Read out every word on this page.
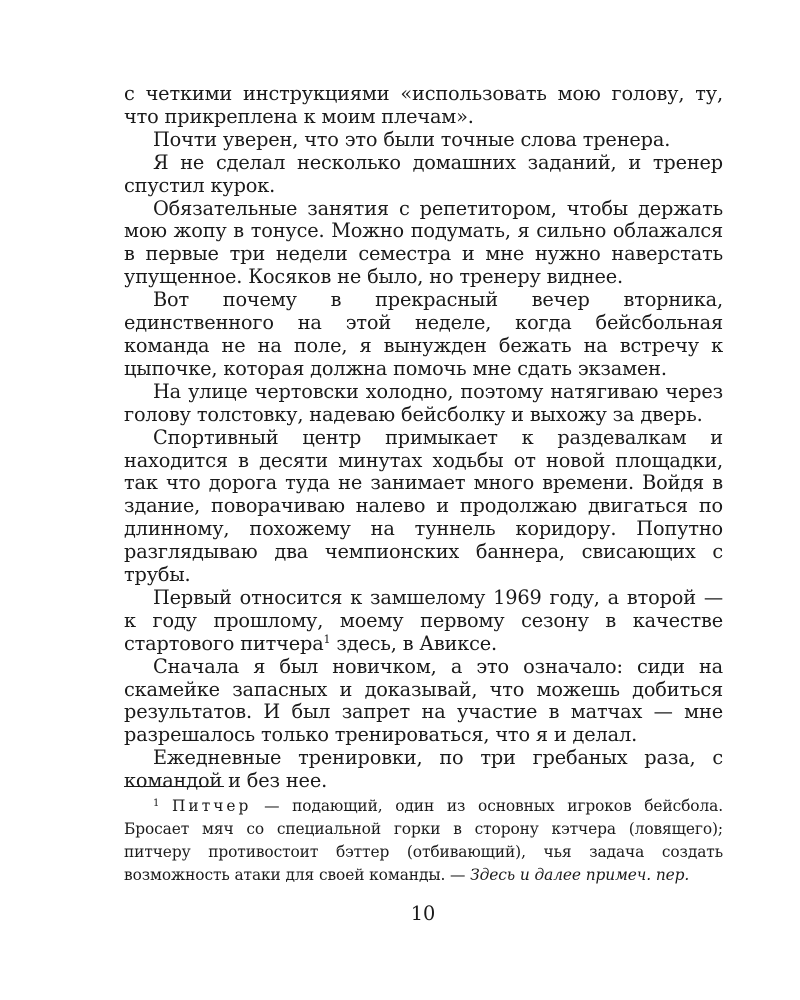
с четкими инструкциями «использовать мою голову, ту, что прикреплена к моим плечам».

Почти уверен, что это были точные слова тренера.

Я не сделал несколько домашних заданий, и тренер спустил курок.

Обязательные занятия с репетитором, чтобы держать мою жопу в тонусе. Можно подумать, я сильно облажался в первые три недели семестра и мне нужно наверстать упущенное. Косяков не было, но тренеру виднее.

Вот почему в прекрасный вечер вторника, единственного на этой неделе, когда бейсбольная команда не на поле, я вынужден бежать на встречу к цыпочке, которая должна помочь мне сдать экзамен.

На улице чертовски холодно, поэтому натягиваю через голову толстовку, надеваю бейсболку и выхожу за дверь.

Спортивный центр примыкает к раздевалкам и находится в десяти минутах ходьбы от новой площадки, так что дорога туда не занимает много времени. Войдя в здание, поворачиваю налево и продолжаю двигаться по длинному, похожему на туннель коридору. Попутно разглядываю два чемпионских баннера, свисающих с трубы.

Первый относится к замшелому 1969 году, а второй — к году прошлому, моему первому сезону в качестве стартового питчера$^1$ здесь, в Авиксе.

Сначала я был новичком, а это означало: сиди на скамейке запасных и доказывай, что можешь добиться результатов. И был запрет на участие в матчах — мне разрешалось только тренироваться, что я и делал.

Ежедневные тренировки, по три гребаных раза, с командой и без нее.

$^1$ Питчер — подающий, один из основных игроков бейсбола. Бросает мяч со специальной горки в сторону кэтчера (ловящего); питчеру противостоит бэттер (отбивающий), чья задача создать возможность атаки для своей команды. — Здесь и далее примеч. пер.

10
